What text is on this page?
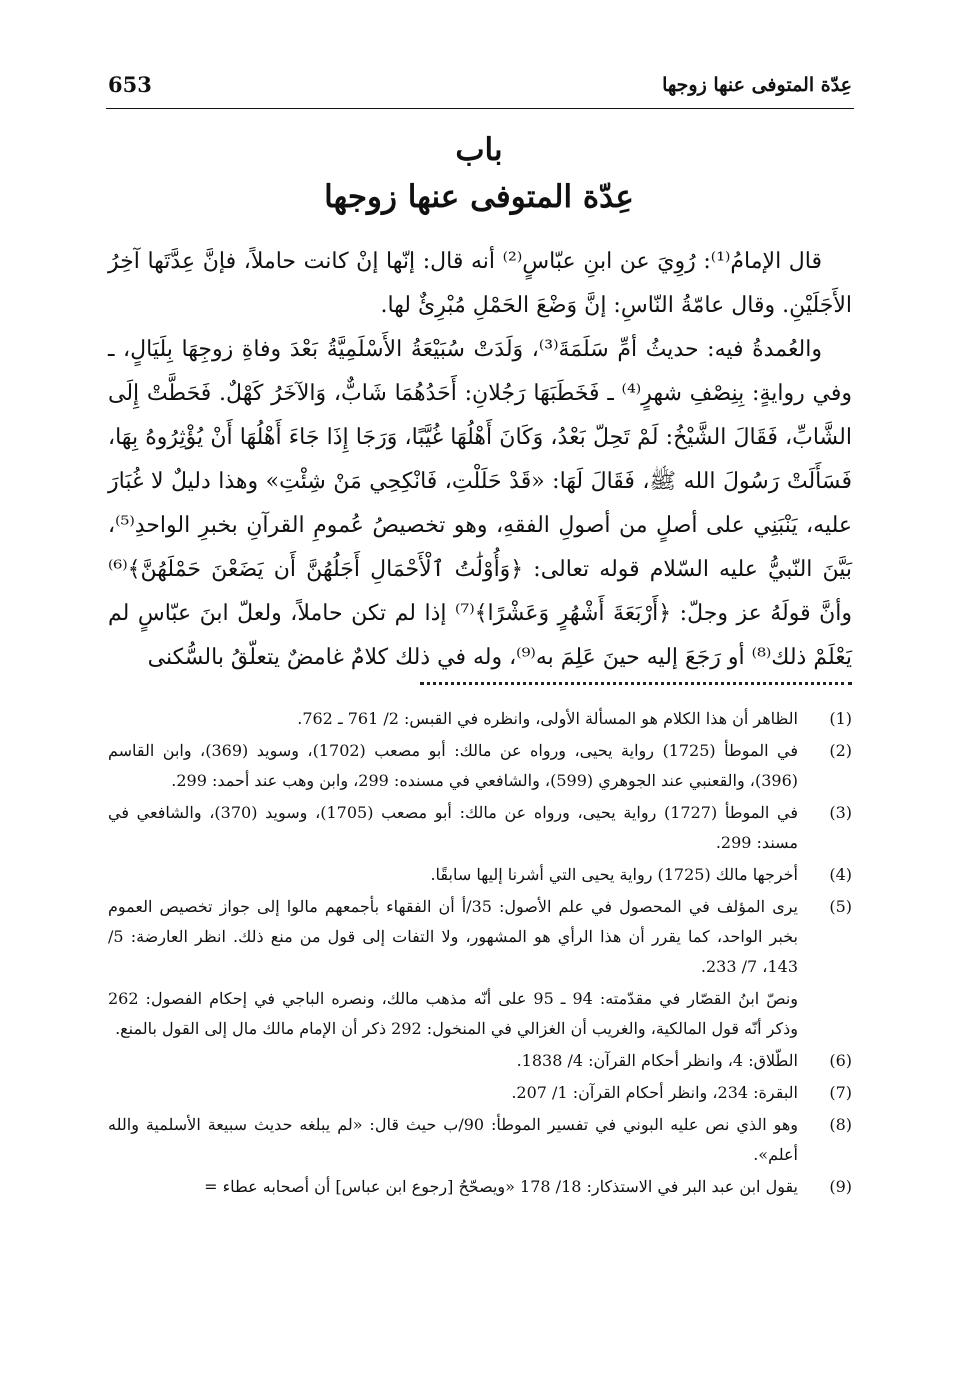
653	عِدّة المتوفى عنها زوجها
باب
عِدّة المتوفى عنها زوجها

قال الإمامُ⁽¹⁾: رُوِيَ عن ابنِ عبّاسٍ⁽²⁾ أنه قال: إنّها إنْ كانت حاملاً، فإنَّ عِدَّتَها آخِرُ الأَجَلَيْنِ. وقال عامّةُ النّاسِ: إنَّ وَضْعَ الحَمْلِ مُبْرِئٌ لها.

والعُمدةُ فيه: حديثُ أمِّ سَلَمَةَ⁽³⁾، وَلَدَتْ سُبَيْعَةُ الأَسْلَمِيَّةُ بَعْدَ وفاةِ زوجِهَا بِلَيَالٍ، ـ وفي روايةٍ: بِنِصْفِ شهرٍ⁽⁴⁾ ـ فَخَطَبَهَا رَجُلانِ: أَحَدُهُمَا شَابٌّ، وَالآخَرُ كَهْلٌ. فَحَطَّتْ إِلَى الشَّابِّ، فَقَالَ الشَّيْخُ: لَمْ تَحِلّ بَعْدُ، وَكَانَ أَهْلُهَا غُيَّبًا، وَرَجَا إِذَا جَاءَ أَهْلُهَا أَنْ يُؤْثِرُوهُ بِهَا، فَسَأَلَتْ رَسُولَ الله ﷺ، فَقَالَ لَهَا: «قَدْ حَلَلْتِ، فَانْكِحِي مَنْ شِئْتِ» وهذا دليلٌ لا غُبَارَ عليه، يَنْبَنِي على أصلٍ من أصولِ الفقهِ، وهو تخصيصُ عُمومِ القرآنِ بخبرِ الواحدِ⁽⁵⁾، بَيَّنَ النّبيُّ عليه السّلام قوله تعالى: ﴿وَأُوْلَٰتُ ٱلْأَحْمَالِ أَجَلُهُنَّ أَن يَضَعْنَ حَمْلَهُنَّ﴾⁽⁶⁾ وأنَّ قولَهُ عز وجلّ: ﴿أَرْبَعَةَ أَشْهُرٍ وَعَشْرًا﴾⁽⁷⁾ إذا لم تكن حاملاً، ولعلّ ابنَ عبّاسٍ لم يَعْلَمْ ذلك⁽⁸⁾ أو رَجَعَ إليه حينَ عَلِمَ به⁽⁹⁾، وله في ذلك كلامٌ غامضٌ يتعلّقُ بالسُّكنى

(1)
الظاهر أن هذا الكلام هو المسألة الأولى، وانظره في القبس: 2/ 761 ـ 762.
(2)
في الموطأ (1725) رواية يحيى، ورواه عن مالك: أبو مصعب (1702)، وسويد (369)، وابن القاسم (396)، والقعنبي عند الجوهري (599)، والشافعي في مسنده: 299، وابن وهب عند أحمد: 299.
(3)
في الموطأ (1727) رواية يحيى، ورواه عن مالك: أبو مصعب (1705)، وسويد (370)، والشافعي في مسند: 299.
(4)
أخرجها مالك (1725) رواية يحيى التي أشرنا إليها سابقًا.
(5)
يرى المؤلف في المحصول في علم الأصول: 35/أ أن الفقهاء بأجمعهم مالوا إلى جواز تخصيص العموم بخبر الواحد، كما يقرر أن هذا الرأي هو المشهور، ولا التفات إلى قول من منع ذلك. انظر العارضة: 5/ 143، 7/ 233.
ونصّ ابنُ القصّار في مقدّمته: 94 ـ 95 على أنّه مذهب مالك، ونصره الباجي في إحكام الفصول: 262 وذكر أنّه قول المالكية، والغريب أن الغزالي في المنخول: 292 ذكر أن الإمام مالك مال إلى القول بالمنع.
(6)
الطّلاق: 4، وانظر أحكام القرآن: 4/ 1838.
(7)
البقرة: 234، وانظر أحكام القرآن: 1/ 207.
(8)
وهو الذي نص عليه البوني في تفسير الموطأ: 90/ب حيث قال: «لم يبلغه حديث سبيعة الأسلمية والله أعلم».
(9)
يقول ابن عبد البر في الاستذكار: 18/ 178 «ويصحّحُ [رجوع ابن عباس] أن أصحابه عطاء =
